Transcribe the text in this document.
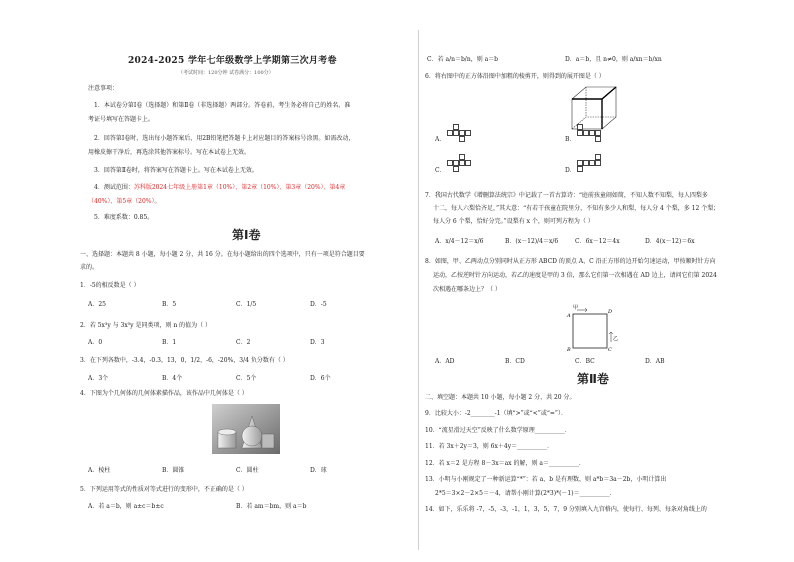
2024-2025 学年七年级数学上学期第三次月考卷
（考试时间：120分钟 试卷满分：100分）
注意事项：
1．本试卷分第Ⅰ卷（选择题）和第Ⅱ卷（非选择题）两部分。答卷前，考生务必将自己的姓名、准
考证号填写在答题卡上。
2．回答第Ⅰ卷时，选出每小题答案后，用2B铅笔把答题卡上对应题目的答案标号涂黑。如需改动，
用橡皮擦干净后，再选涂其他答案标号。写在本试卷上无效。
3．回答第Ⅱ卷时，将答案写在答题卡上。写在本试卷上无效。
4．测试范围：苏科版2024七年级上册第1章（10%）、第2章（10%）、第3章（20%）、第4章
（40%）、第5章（20%）。
5．难度系数：0.85。
第Ⅰ卷
一、选择题：本题共 8 小题，每小题 2 分，共 16 分。在每小题给出的四个选项中，只有一项是符合题目要
求的。
1．-5的相反数是（ ）
A．25	B．5	C．1/5	D．-5
2．若 5x³y 与 3x⁵y 是同类项，则 n 的值为（ ）
A．0	B．1	C．2	D．3
3．在下列各数中，-3.4，-0.3，13，0，1/2，-6，-20%，3/4 负分数有（ ）
A．3个	B．4个	C．5个	D．6个
4．下图为个几何体的几何体素描作品，该作品中几何体是（ ）
A．棱柱	B．圆锥	C．圆柱	D．球
5．下列运用等式的性质对等式进行的变形中，不正确的是（ ）
A．若 a＝b，则 a±c＝b±c	B．若 am＝bm，则 a＝b
C．若 a/n＝b/n，则 a＝b	D．a＝b，且 n≠0，则 a/xn＝b/xn
6．将右图中的正方体沿图中加粗的棱剪开，则得到的展开图是（ ）
A．	B．
C．	D．
7．我国古代数学《增删算法统宗》中记载了一首古算诗：“庭前孩童闹如简，不知人数不知梨，每人四梨多
十二，每人六梨恰齐足，”其大意：“有若干孩童在院里分，不知有多少人和梨，每人分 4 个梨，多 12 个梨；
每人分 6 个梨，恰好分完。”设梨有 x 个，则可列方程为（ ）
A．x/4－12＝x/6	B．(x－12)/4＝x/6	C．6x－12＝4x	D．4(x－12)＝6x
8．如图，甲、乙两动点分别同时从正方形 ABCD 的顶点 A、C 沿正方形的边开始匀速运动，甲按顺时针方向
运动，乙按逆时针方向运动，若乙的速度是甲的 3 倍，那么它们第一次相遇在 AD 边上，请问它们第 2024
次相遇在哪条边上？（ ）
甲
乙
A
B	C
D
A．AD	B．CD	C．BC	D．AB
第Ⅱ卷
二、填空题：本题共 10 小题，每小题 2 分，共 20 分。
9．比较大小：-2________-1（填“>”或“<”或“=”）．
10．“流星滑过天空”反映了什么数学原理__________．
11．若 3x＋2y＝3，则 6x＋4y＝__________．
12．若 x＝2 是方程 8－3x＝ax 的解，则 a＝__________．
13．小明与小刚规定了一种新运算“*”：若 a、b 是有理数，则 a*b＝3a－2b，小明计算出
2*5＝3×2－2×5＝－4，请帮小刚计算(2*3)*(－1)＝__________．
14．如下，乐乐将 -7，-5，-3，-1，1，3，5，7，9 分别填入九宫格内，使每行、每列、每条对角线上的
